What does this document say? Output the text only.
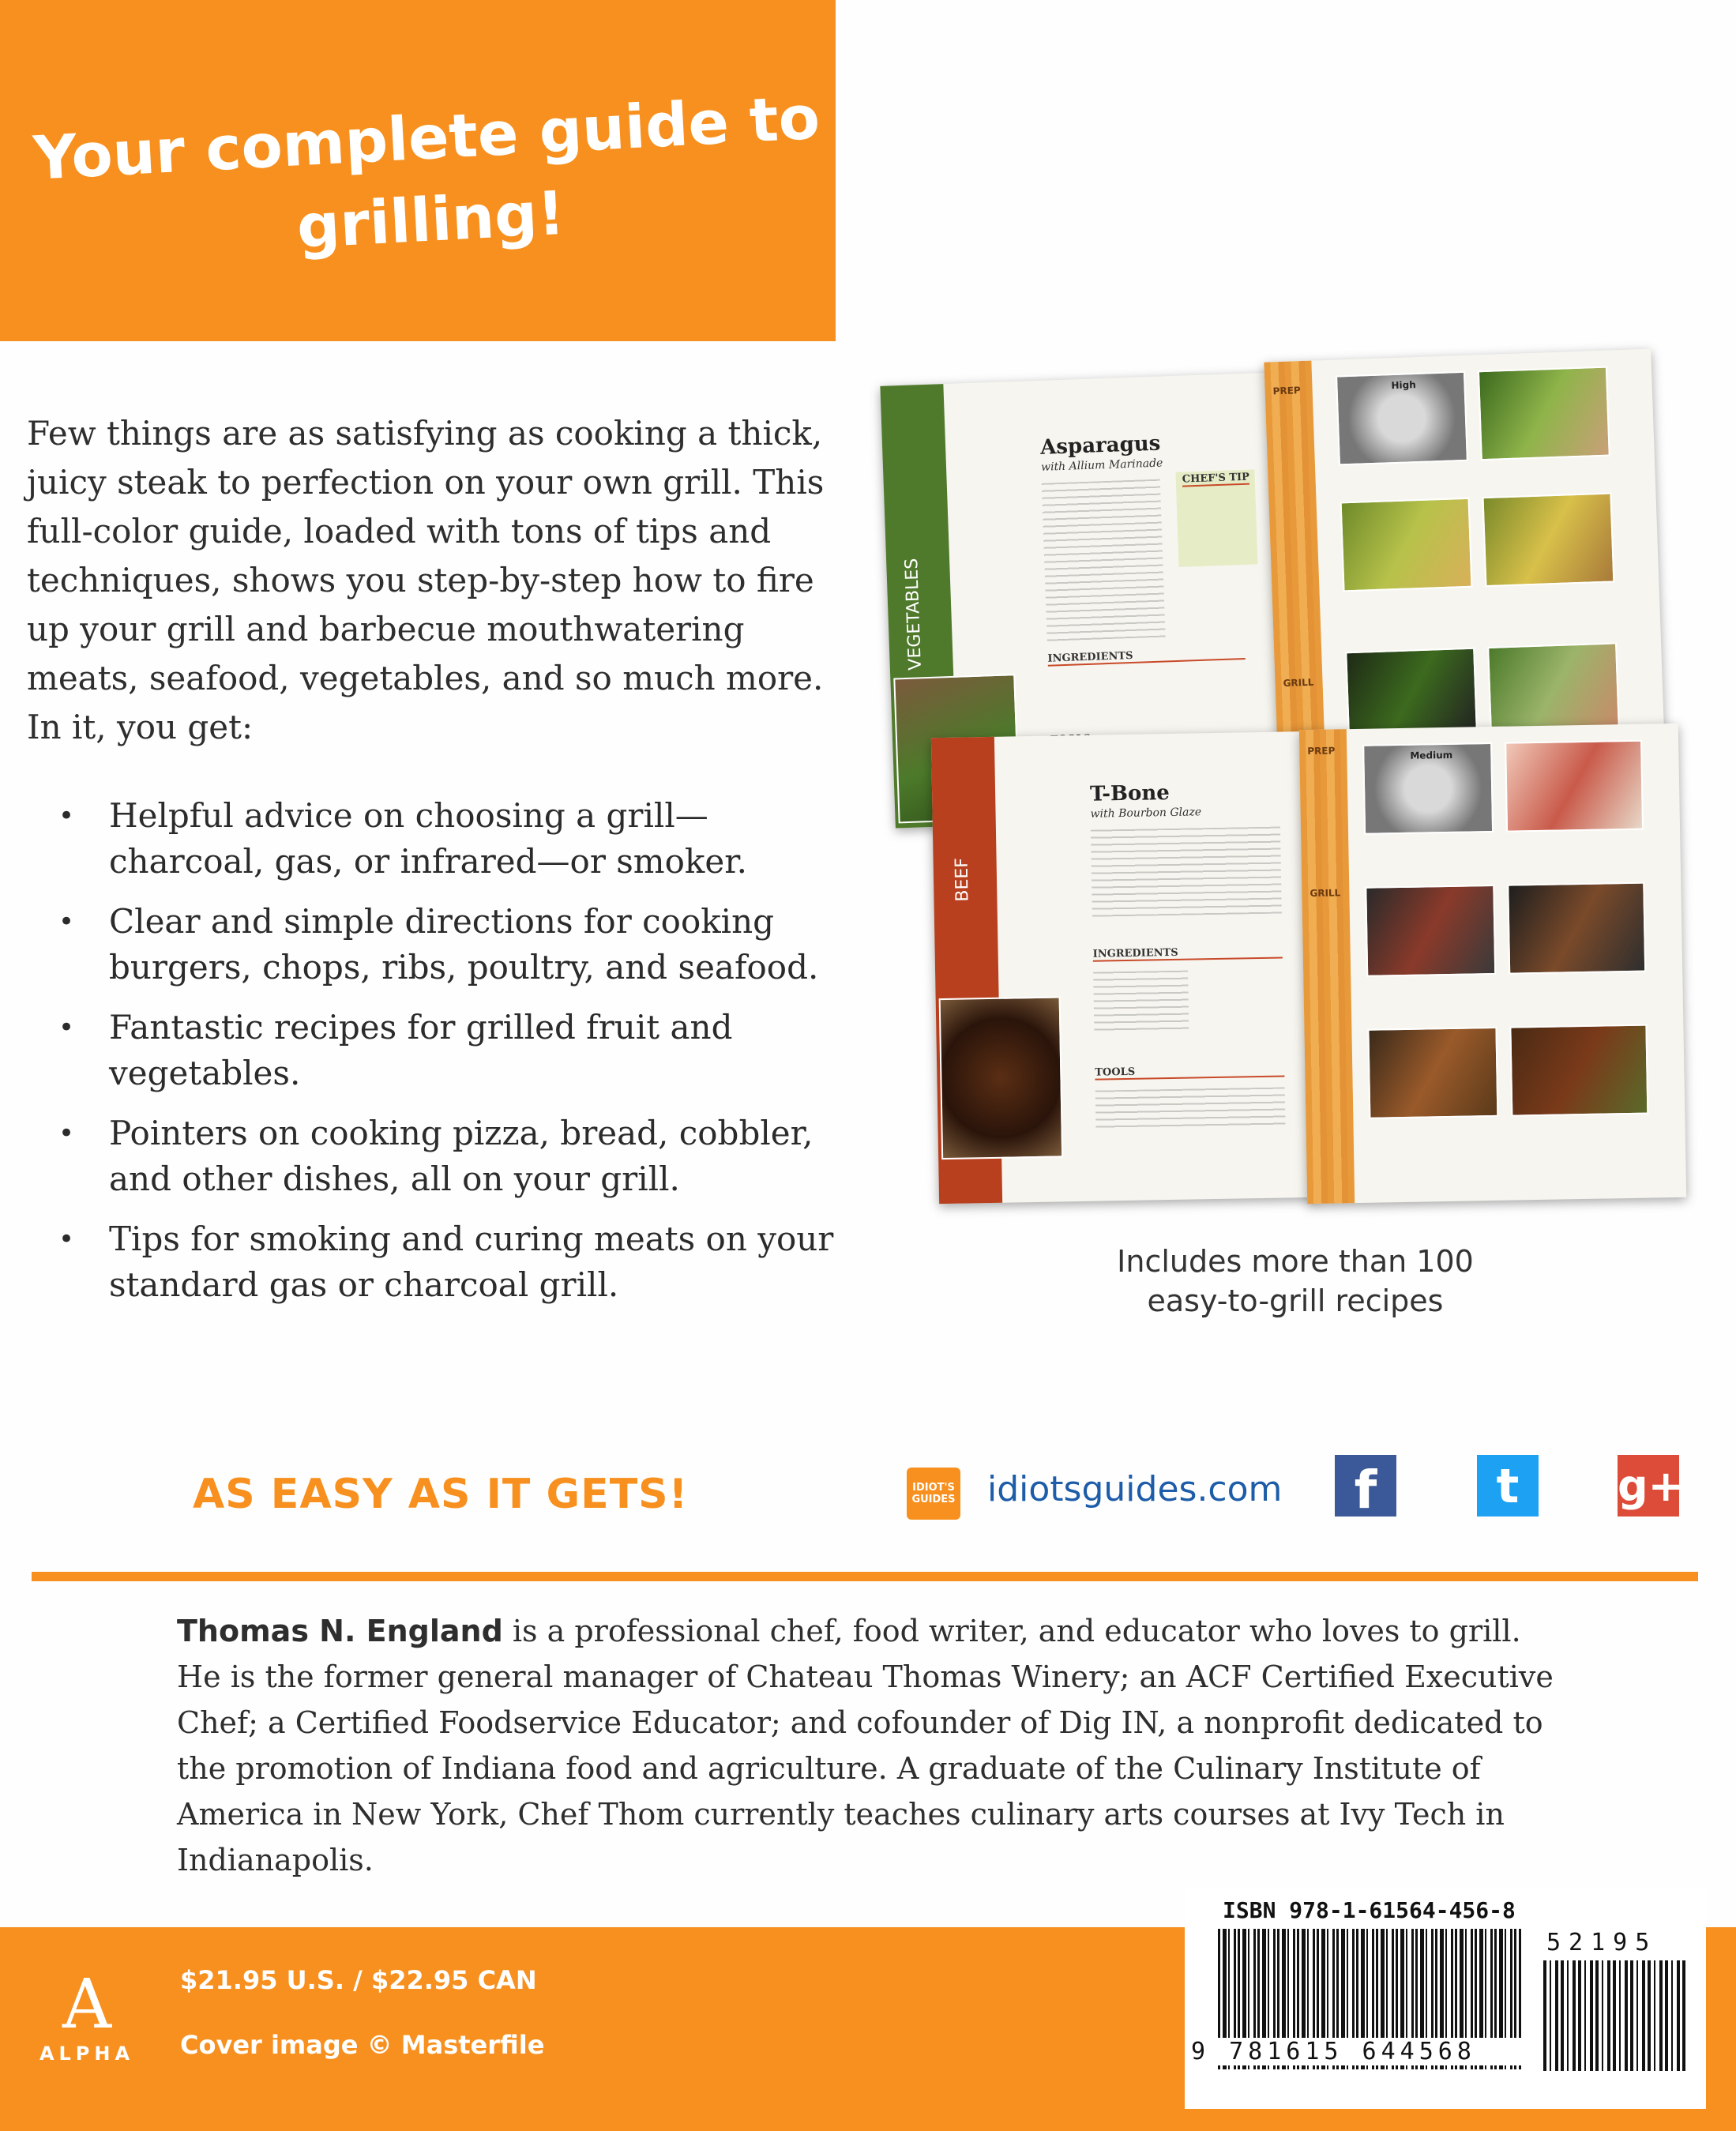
Your complete guide to
grilling!
Few things are as satisfying as cooking a thick, juicy steak to perfection on your own grill. This full-color guide, loaded with tons of tips and techniques, shows you step-by-step how to fire up your grill and barbecue mouthwatering meats, seafood, vegetables, and so much more. In it, you get:
• Helpful advice on choosing a grill—charcoal, gas, or infrared—or smoker.
• Clear and simple directions for cooking burgers, chops, ribs, poultry, and seafood.
• Fantastic recipes for grilled fruit and vegetables.
• Pointers on cooking pizza, bread, cobbler, and other dishes, all on your grill.
• Tips for smoking and curing meats on your standard gas or charcoal grill.
VEGETABLES
Asparagus
with Allium Marinade
CHEF'S TIP
INGREDIENTS
PREP
GRILL
High
BEEF
T-Bone
with Bourbon Glaze
INGREDIENTS
TOOLS
PREP
GRILL
Medium
Includes more than 100
easy-to-grill recipes
AS EASY AS IT GETS!	IDIOT'S GUIDES idiotsguides.com	f	t	g+
Thomas N. England is a professional chef, food writer, and educator who loves to grill. He is the former general manager of Chateau Thomas Winery; an ACF Certified Executive Chef; a Certified Foodservice Educator; and cofounder of Dig IN, a nonprofit dedicated to the promotion of Indiana food and agriculture. A graduate of the Culinary Institute of America in New York, Chef Thom currently teaches culinary arts courses at Ivy Tech in Indianapolis.
A
ALPHA
$21.95 U.S. / $22.95 CAN
Cover image © Masterfile
ISBN 978-1-61564-456-8
9 781615 644568
52195
